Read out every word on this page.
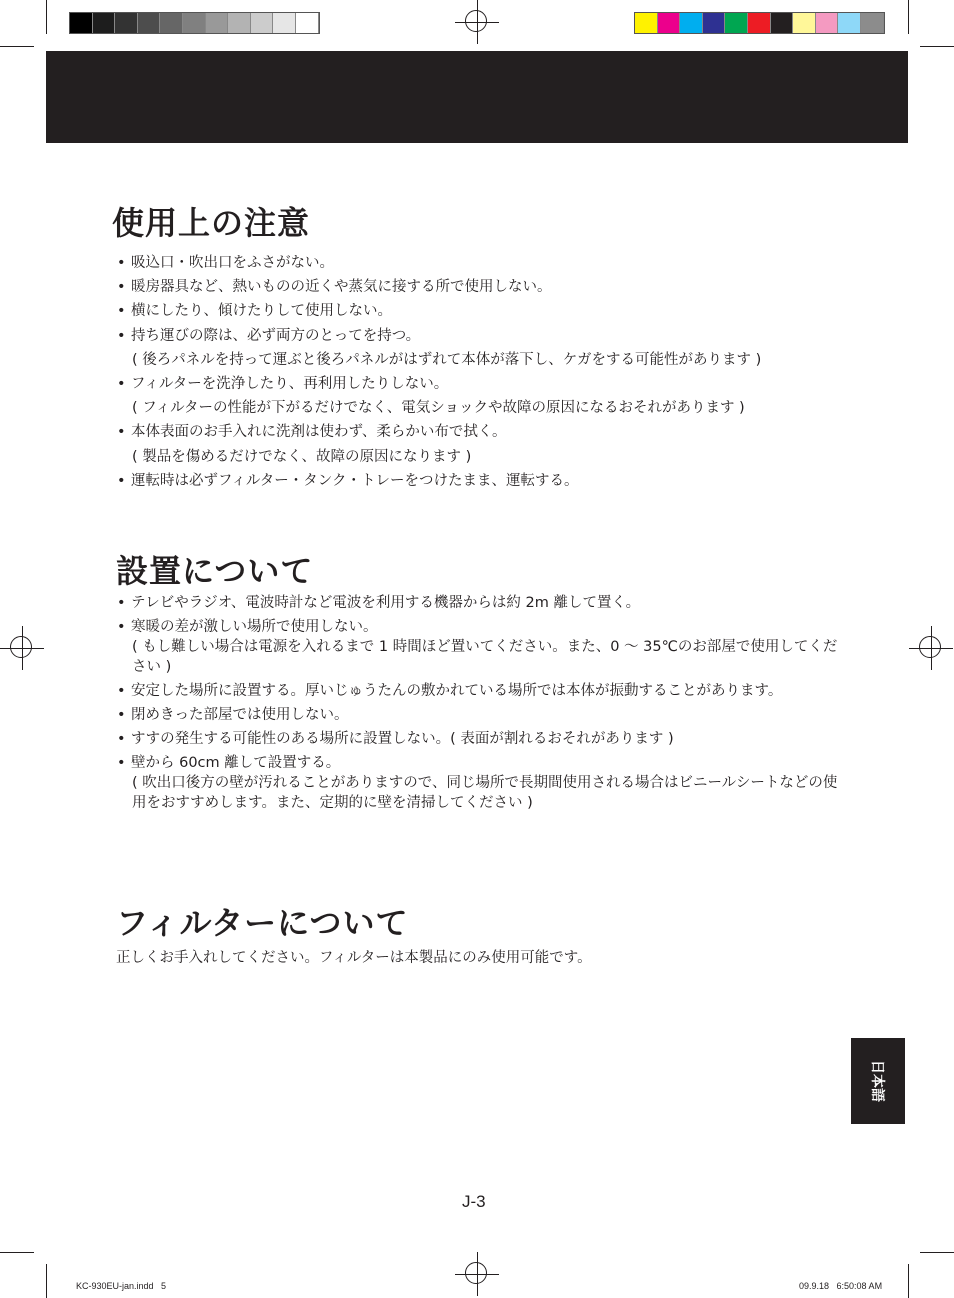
使用上の注意
• 吸込口・吹出口をふさがない。
• 暖房器具など、熱いものの近くや蒸気に接する所で使用しない。
• 横にしたり、傾けたりして使用しない。
• 持ち運びの際は、必ず両方のとってを持つ。
( 後ろパネルを持って運ぶと後ろパネルがはずれて本体が落下し、ケガをする可能性があります )
• フィルターを洗浄したり、再利用したりしない。
( フィルターの性能が下がるだけでなく、電気ショックや故障の原因になるおそれがあります )
• 本体表面のお手入れに洗剤は使わず、柔らかい布で拭く。
( 製品を傷めるだけでなく、故障の原因になります )
• 運転時は必ずフィルター・タンク・トレーをつけたまま、運転する。
設置について
• テレビやラジオ、電波時計など電波を利用する機器からは約 2m 離して置く。
• 寒暖の差が激しい場所で使用しない。
( もし難しい場合は電源を入れるまで 1 時間ほど置いてください。また、0 〜 35℃のお部屋で使用してください )
• 安定した場所に設置する。厚いじゅうたんの敷かれている場所では本体が振動することがあります。
• 閉めきった部屋では使用しない。
• すすの発生する可能性のある場所に設置しない。( 表面が割れるおそれがあります )
• 壁から 60cm 離して設置する。
( 吹出口後方の壁が汚れることがありますので、同じ場所で長期間使用される場合はビニールシートなどの使用をおすすめします。また、定期的に壁を清掃してください )
フィルターについて
正しくお手入れしてください。フィルターは本製品にのみ使用可能です。
日本語
J-3
KC-930EU-jan.indd   5	09.9.18   6:50:08 AM
